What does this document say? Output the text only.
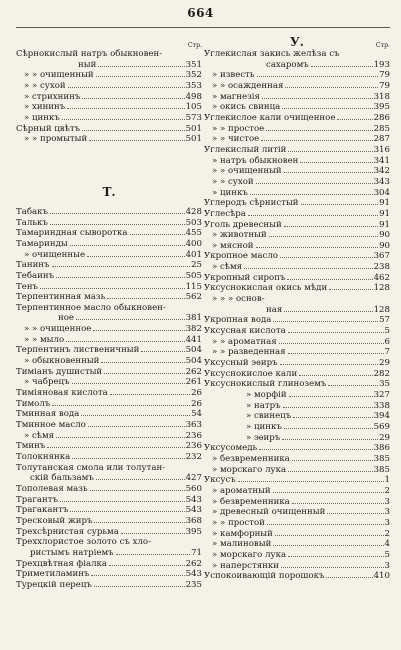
664
Стр.
Сѣрнокислый натръ обыкновен-
ный	351
» » очищенный	352
» » сухой	353
» стрихнинъ	498
» хининъ	105
» цинкъ	573
Сѣрный цвѣтъ	501
» » промытый	501
Т.
Табакъ	428
Талькъ	503
Тамариндная сыворотка	455
Тамаринды	400
» очищенные	401
Танинъ	25
Тебаинъ	505
Тенъ	115
Терпентинная мазь	562
Терпентинное масло обыкновен-
ное	381
» » очищенное	382
» » мыло	441
Терпентинъ лиственичный	504
» обыкновенный	504
Тиміанъ душистый	262
» чабрецъ	261
Тиміяновая кислота	26
Тимолъ	26
Тминная вода	54
Тминное масло	363
» сѣмя	236
Тминъ	236
Толокнянка	232
Толутанская смола или толутан-
скій бальзамъ	427
Тополевая мазь	560
Трагантъ	543
Трагакантъ	543
Тресковый жиръ	368
Трехсѣрнистая сурьма	395
Треххлористое золото съ хло-
ристымъ натріемъ	71
Трехцвѣтная фіалка	262
Триметиламинъ	543
Турецкій перецъ	235
У.	Стр.
Углекислая закись желѣза съ
сахаромъ	193
» известь	79
» » осажденная	79
» магнезія	318
» окись свинца	395
Углекислое кали очищенное	286
» » простое	285
» » чистое	287
Углекислый литій	316
» натръ обыкновен	341
» » очищенный	342
» » сухой	343
» цинкъ	304
Углеродъ сѣрнистый	91
Углесѣра	91
Уголь древесный	91
» животный	90
» мясной	90
Укропное масло	367
» сѣмя	238
Укропный сиропъ	462
Уксуснокислая окись мѣди	128
» » » основ-
ная	128
Укропная вода	57
Уксусная кислота	5
» » ароматная	6
» » разведенная	7
Уксусный эѳиръ	29
Уксуснокислое кали	282
Уксуснокислый глиноземъ	35
» морфій	327
» натръ	338
» свинецъ	394
» цинкъ	569
» эѳиръ	29
Уксусомедь	386
» безвременника	385
» морскаго лука	385
Уксусъ	1
» ароматный	2
» безвременника	3
» древесный очищенный	3
» » простой	3
» камфорный	2
» малиновый	4
» морскаго лука	5
» наперстянки	3
Успокоивающій порошокъ	410
